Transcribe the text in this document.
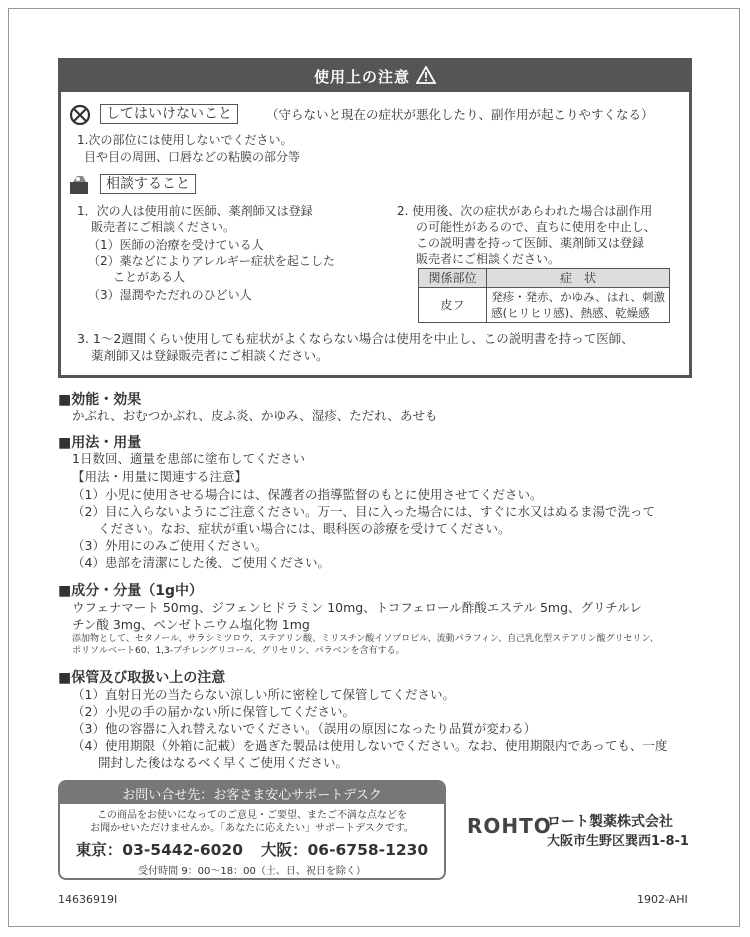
使用上の注意
してはいけないこと	（守らないと現在の症状が悪化したり、副作用が起こりやすくなる）
1.次の部位には使用しないでください。
目や目の周囲、口唇などの粘膜の部分等
相談すること
1．次の人は使用前に医師、薬剤師又は登録
販売者にご相談ください。
（1）医師の治療を受けている人
（2）薬などによりアレルギー症状を起こした
ことがある人
（3）湿潤やただれのひどい人
2. 使用後、次の症状があらわれた場合は副作用
の可能性があるので、直ちに使用を中止し、
この説明書を持って医師、薬剤師又は登録
販売者にご相談ください。
関係部位	症　状
皮フ	発疹・発赤、かゆみ、はれ、刺激
感(ヒリヒリ感)、熱感、乾燥感
3. 1～2週間くらい使用しても症状がよくならない場合は使用を中止し、この説明書を持って医師、
薬剤師又は登録販売者にご相談ください。
■効能・効果
かぶれ、おむつかぶれ、皮ふ炎、かゆみ、湿疹、ただれ、あせも
■用法・用量
1日数回、適量を患部に塗布してください
【用法・用量に関連する注意】
（1）小児に使用させる場合には、保護者の指導監督のもとに使用させてください。
（2）目に入らないようにご注意ください。万一、目に入った場合には、すぐに水又はぬるま湯で洗って
ください。なお、症状が重い場合には、眼科医の診療を受けてください。
（3）外用にのみご使用ください。
（4）患部を清潔にした後、ご使用ください。
■成分・分量（1g中）
ウフェナマート 50mg、ジフェンヒドラミン 10mg、トコフェロール酢酸エステル 5mg、グリチルレ
チン酸 3mg、ベンゼトニウム塩化物 1mg
添加物として、セタノール、サラシミツロウ、ステアリン酸、ミリスチン酸イソプロピル、流動パラフィン、自己乳化型ステアリン酸グリセリン、
ポリソルベート60、1,3-ブチレングリコール、グリセリン、パラベンを含有する。
■保管及び取扱い上の注意
（1）直射日光の当たらない涼しい所に密栓して保管してください。
（2）小児の手の届かない所に保管してください。
（3）他の容器に入れ替えないでください。（誤用の原因になったり品質が変わる）
（4）使用期限（外箱に記載）を過ぎた製品は使用しないでください。なお、使用期限内であっても、一度
開封した後はなるべく早くご使用ください。
お問い合せ先：お客さま安心サポートデスク
この商品をお使いになってのご意見・ご要望、またご不満な点などを
お聞かせいただけませんか。「あなたに応えたい」サポートデスクです。
東京：03-5442-6020 大阪：06-6758-1230
受付時間 9：00～18：00（土、日、祝日を除く）
ROHTO
ロート製薬株式会社
大阪市生野区巽西1-8-1
14636919I	1902-AHI
